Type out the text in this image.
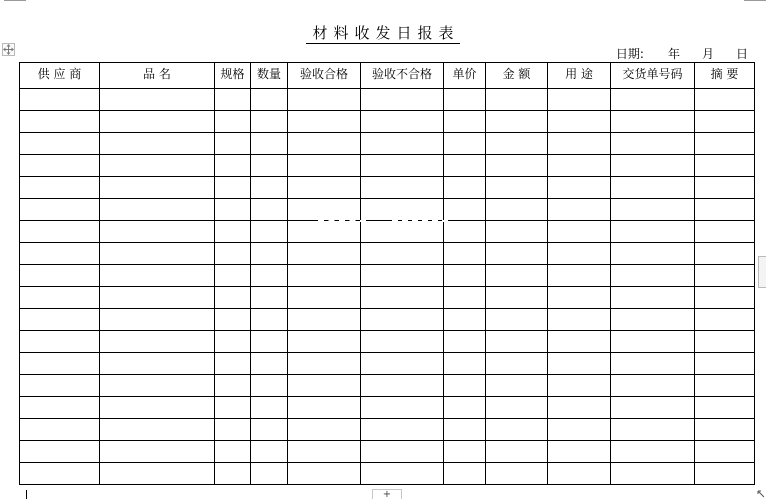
材料收发日报表
日期: 年 月 日
供 应 商	品 名	规格	数量	验收合格	验收不合格	单价	金 额	用 途	交货单号码	摘 要

+
